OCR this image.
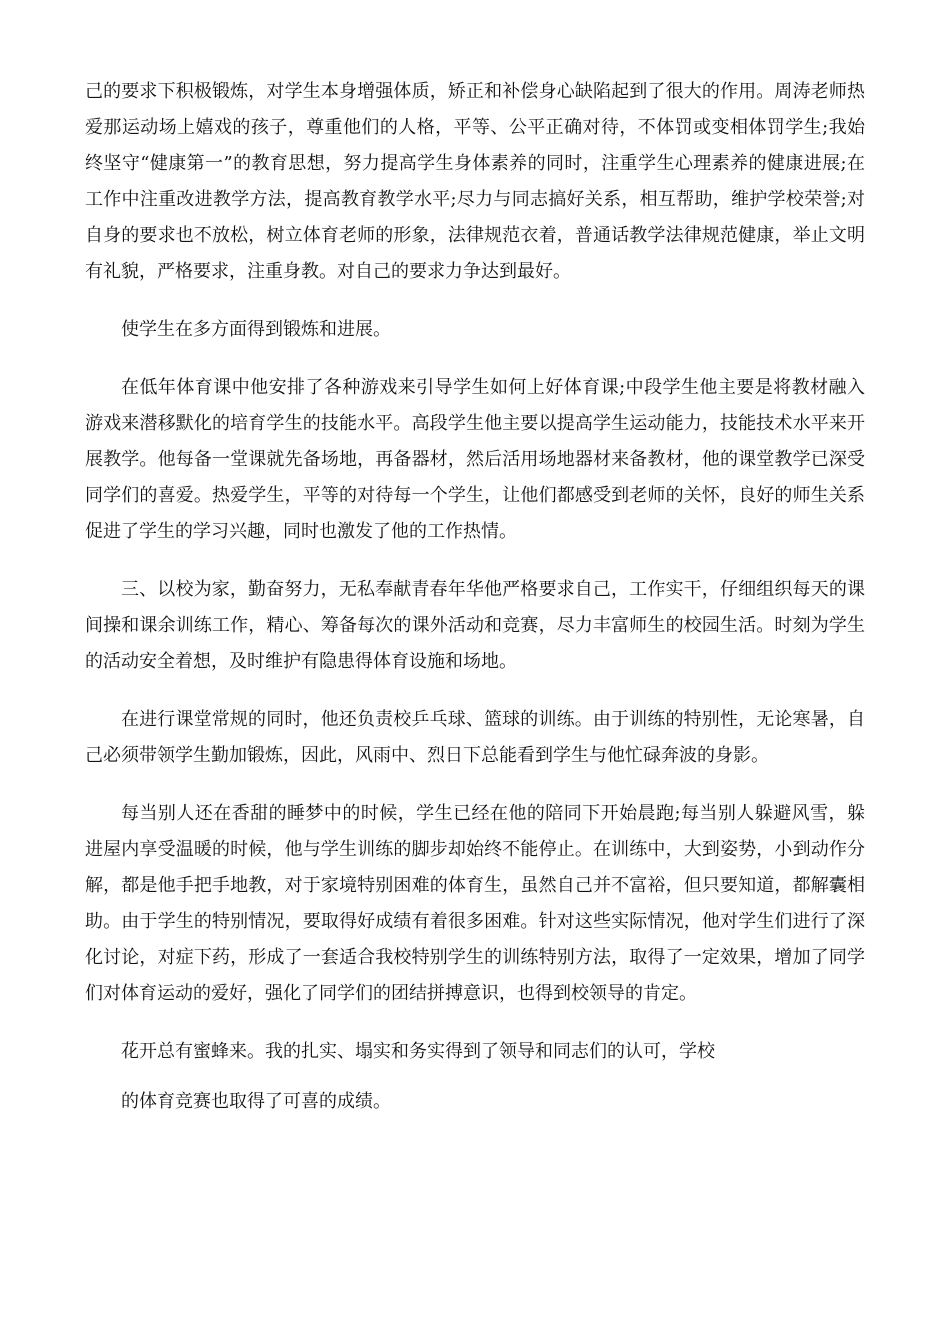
己的要求下积极锻炼，对学生本身增强体质，矫正和补偿身心缺陷起到了很大的作用。周涛老师热爱那运动场上嬉戏的孩子，尊重他们的人格，平等、公平正确对待，不体罚或变相体罚学生;我始终坚守“健康第一”的教育思想，努力提高学生身体素养的同时，注重学生心理素养的健康进展;在工作中注重改进教学方法，提高教育教学水平;尽力与同志搞好关系，相互帮助，维护学校荣誉;对自身的要求也不放松，树立体育老师的形象，法律规范衣着，普通话教学法律规范健康，举止文明有礼貌，严格要求，注重身教。对自己的要求力争达到最好。

使学生在多方面得到锻炼和进展。

在低年体育课中他安排了各种游戏来引导学生如何上好体育课;中段学生他主要是将教材融入游戏来潜移默化的培育学生的技能水平。高段学生他主要以提高学生运动能力，技能技术水平来开展教学。他每备一堂课就先备场地，再备器材，然后活用场地器材来备教材，他的课堂教学已深受同学们的喜爱。热爱学生，平等的对待每一个学生，让他们都感受到老师的关怀，良好的师生关系促进了学生的学习兴趣，同时也激发了他的工作热情。

三、以校为家，勤奋努力，无私奉献青春年华他严格要求自己，工作实干，仔细组织每天的课间操和课余训练工作，精心、筹备每次的课外活动和竞赛，尽力丰富师生的校园生活。时刻为学生的活动安全着想，及时维护有隐患得体育设施和场地。

在进行课堂常规的同时，他还负责校乒乓球、篮球的训练。由于训练的特别性，无论寒暑，自己必须带领学生勤加锻炼，因此，风雨中、烈日下总能看到学生与他忙碌奔波的身影。

每当别人还在香甜的睡梦中的时候，学生已经在他的陪同下开始晨跑;每当别人躲避风雪，躲进屋内享受温暖的时候，他与学生训练的脚步却始终不能停止。在训练中，大到姿势，小到动作分解，都是他手把手地教，对于家境特别困难的体育生，虽然自己并不富裕，但只要知道，都解囊相助。由于学生的特别情况，要取得好成绩有着很多困难。针对这些实际情况，他对学生们进行了深化讨论，对症下药，形成了一套适合我校特别学生的训练特别方法，取得了一定效果，增加了同学们对体育运动的爱好，强化了同学们的团结拼搏意识，也得到校领导的肯定。

花开总有蜜蜂来。我的扎实、塌实和务实得到了领导和同志们的认可，学校

的体育竞赛也取得了可喜的成绩。
